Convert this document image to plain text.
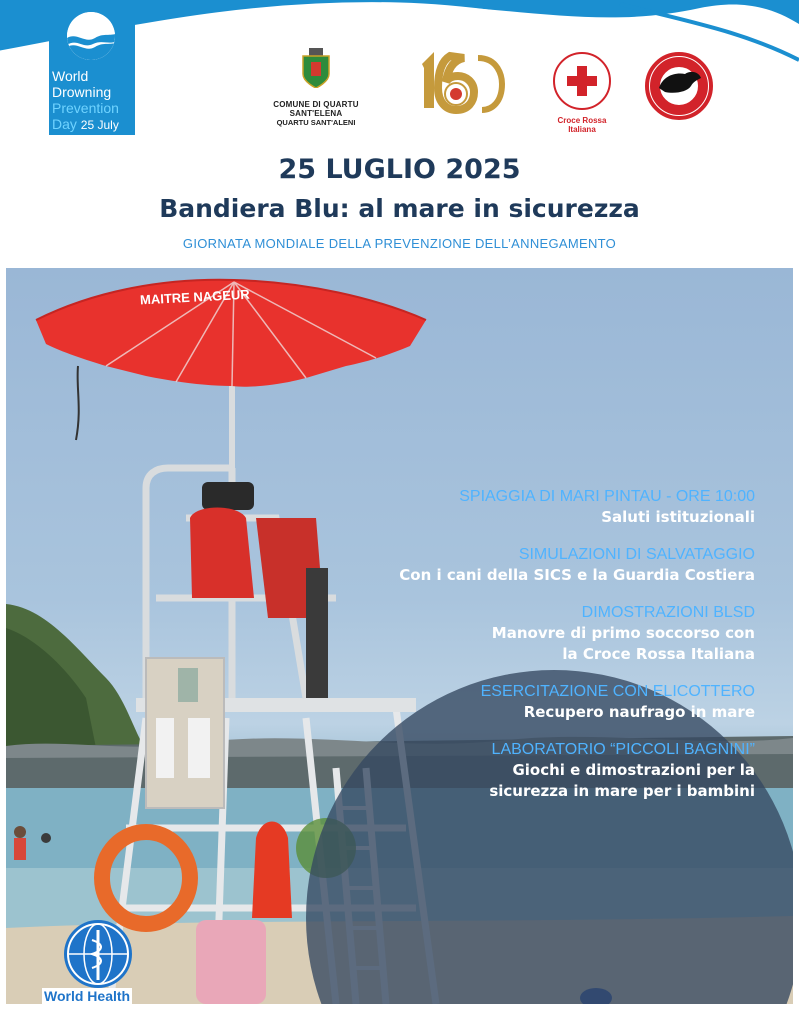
World
Drowning
Prevention
Day 25 July
COMUNE DI QUARTU SANT'ELENA
QUARTU SANT'ALENI	Croce Rossa Italiana
25 LUGLIO 2025
Bandiera Blu: al mare in sicurezza
GIORNATA MONDIALE DELLA PREVENZIONE DELL’ANNEGAMENTO
MAITRE NAGEUR
SPIAGGIA DI MARI PINTAU - ORE 10:00
Saluti istituzionali
SIMULAZIONI DI SALVATAGGIO
Con i cani della SICS e la Guardia Costiera
DIMOSTRAZIONI BLSD
Manovre di primo soccorso con
la Croce Rossa Italiana
ESERCITAZIONE CON ELICOTTERO
Recupero naufrago in mare
LABORATORIO “PICCOLI BAGNINI”
Giochi e dimostrazioni per la
sicurezza in mare per i bambini
World Health
